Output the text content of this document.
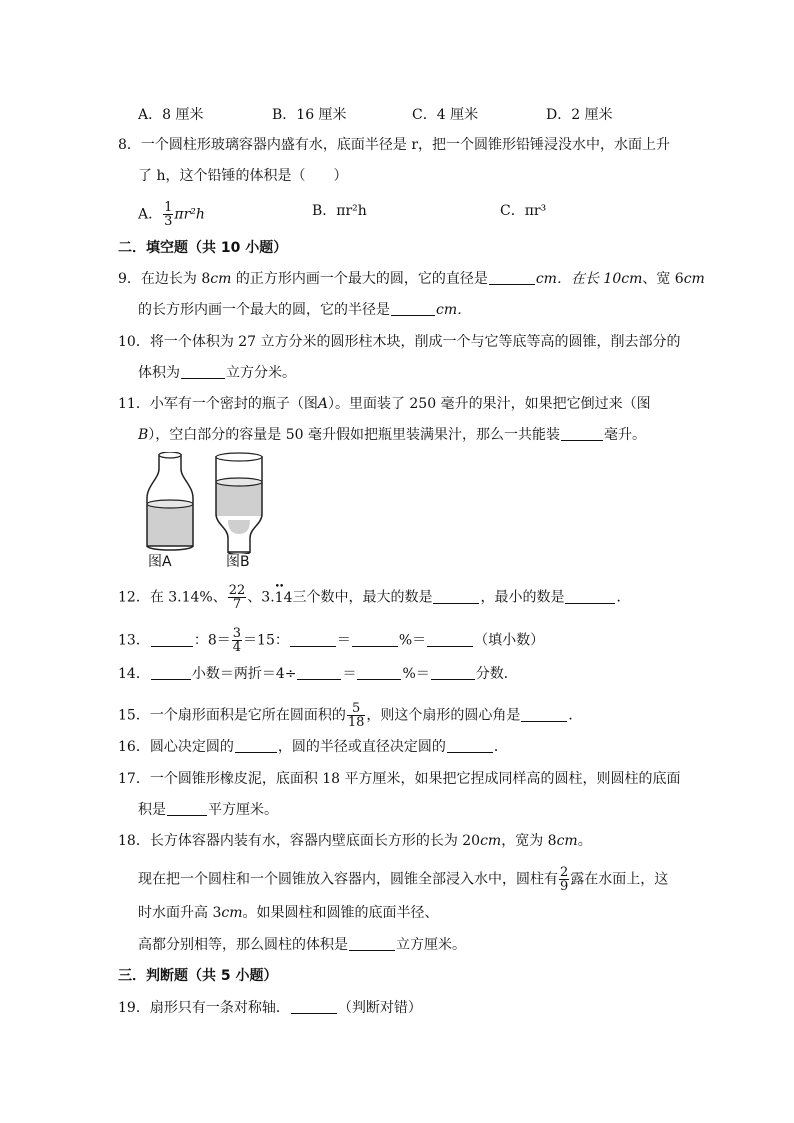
A．8 厘米	B．16 厘米	C．4 厘米	D．2 厘米
8．一个圆柱形玻璃容器内盛有水，底面半径是 r，把一个圆锥形铅锤浸没水中，水面上升
了 h，这个铅锤的体积是（　　）
A． $\frac{1}{3} \pi r^2h$	B．πr²h	C．πr³
二．填空题（共 10 小题）
9．在边长为 8cm 的正方形内画一个最大的圆，它的直径是	cm．在长 10cm、宽 6cm
的长方形内画一个最大的圆，它的半径是	cm．
10．将一个体积为 27 立方分米的圆形柱木块，削成一个与它等底等高的圆锥，削去部分的
体积为	立方分米。
11．小军有一个密封的瓶子（图A）。里面装了 250 毫升的果汁，如果把它倒过来（图
B），空白部分的容量是 50 毫升假如把瓶里装满果汁，那么一共能装	毫升。
图A	图B
12．在 3.14%、 $\frac{22}{7}$ 、3.•• 14三个数中，最大的数是	，最小的数是	．
13．	：$8= \frac{3}{4} =15$：	＝	%＝	（填小数）
14．	小数＝两折＝4÷	＝	%＝	分数．
15．一个扇形面积是它所在圆面积的 $\frac{5}{18}$ ，则这个扇形的圆心角是	．
16．圆心决定圆的	，圆的半径或直径决定圆的	．
17．一个圆锥形橡皮泥，底面积 18 平方厘米，如果把它捏成同样高的圆柱，则圆柱的底面
积是	平方厘米。
18．长方体容器内装有水，容器内壁底面长方形的长为 20cm，宽为 8cm。
现在把一个圆柱和一个圆锥放入容器内，圆锥全部浸入水中，圆柱有 $\frac{2}{9}$ 露在水面上，这
时水面升高 3cm。如果圆柱和圆锥的底面半径、
高都分别相等，那么圆柱的体积是	立方厘米。
三．判断题（共 5 小题）
19．扇形只有一条对称轴．	（判断对错）
